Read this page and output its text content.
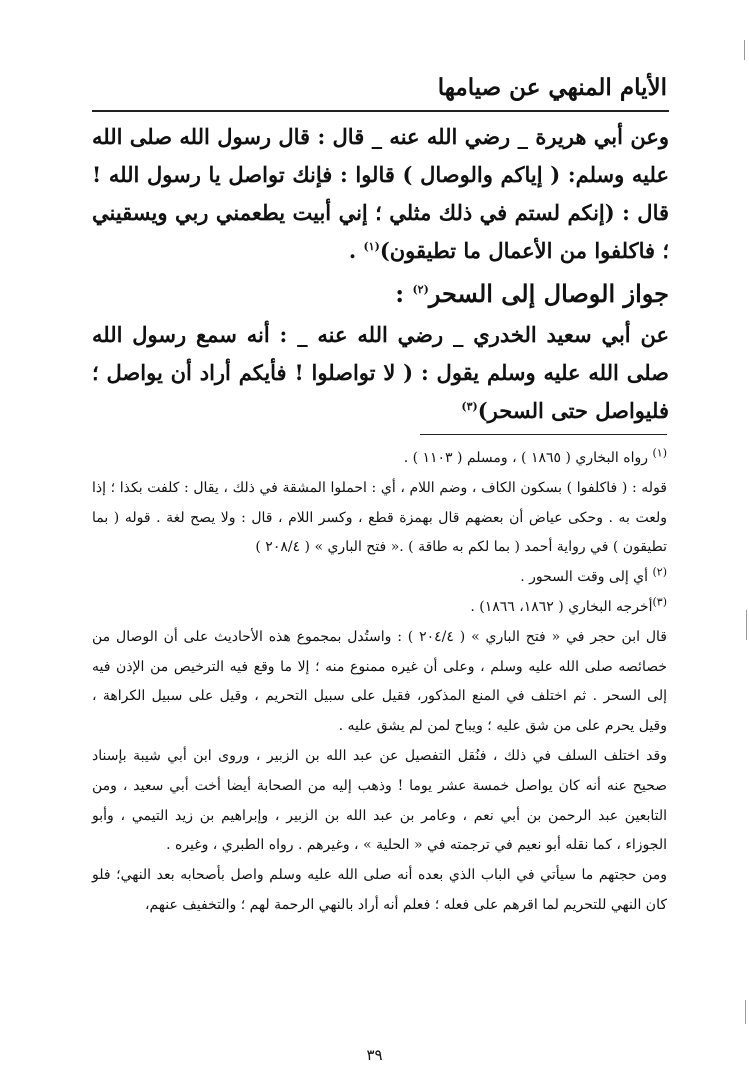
الأيام المنهي عن صيامها

وعن أبي هريرة _ رضي الله عنه _ قال : قال رسول الله صلى الله عليه وسلم: ( إياكم والوصال ) قالوا : فإنك تواصل يا رسول الله ! قال : (إنكم لستم في ذلك مثلي ؛ إني أبيت يطعمني ربي ويسقيني ؛ فاكلفوا من الأعمال ما تطيقون)$^{(١)}$ .

جواز الوصال إلى السحر$^{(٢)}$ :

عن أبي سعيد الخدري _ رضي الله عنه _ : أنه سمع رسول الله صلى الله عليه وسلم يقول : ( لا تواصلوا ! فأيكم أراد أن يواصل ؛ فليواصل حتى السحر)$^{(٣)}$

$^{(١)}$ رواه البخاري ( ١٨٦٥ ) ، ومسلم ( ١١٠٣ ) .

قوله : ( فاكلفوا ) بسكون الكاف ، وضم اللام ، أي : احملوا المشقة في ذلك ، يقال : كلفت بكذا ؛ إذا ولعت به . وحكى عياض أن بعضهم قال بهمزة قطع ، وكسر اللام ، قال : ولا يصح لغة . قوله ( بما تطيقون ) في رواية أحمد ( بما لكم به طاقة ) .« فتح الباري » ( ٢٠٨/٤ )

$^{(٢)}$ أي إلى وقت السحور .

$^{(٣)}$أخرجه البخاري ( ١٨٦٢، ١٨٦٦) .

قال ابن حجر في « فتح الباري » ( ٢٠٤/٤ ) : واستُدل بمجموع هذه الأحاديث على أن الوصال من خصائصه صلى الله عليه وسلم ، وعلى أن غيره ممنوع منه ؛ إلا ما وقع فيه الترخيص من الإذن فيه إلى السحر . ثم اختلف في المنع المذكور، فقيل على سبيل التحريم ، وقيل على سبيل الكراهة ، وقيل يحرم على من شق عليه ؛ ويباح لمن لم يشق عليه .

وقد اختلف السلف في ذلك ، فنُقل التفصيل عن عبد الله بن الزبير ، وروى ابن أبي شيبة بإسناد صحيح عنه أنه كان يواصل خمسة عشر يوما ! وذهب إليه من الصحابة أيضا أخت أبي سعيد ، ومن التابعين عبد الرحمن بن أبي نعم ، وعامر بن عبد الله بن الزبير ، وإبراهيم بن زيد التيمي ، وأبو الجوزاء ، كما نقله أبو نعيم في ترجمته في « الحلية » ، وغيرهم . رواه الطبري ، وغيره .

ومن حجتهم ما سيأتي في الباب الذي بعده أنه صلى الله عليه وسلم واصل بأصحابه بعد النهي؛ فلو كان النهي للتحريم لما اقرهم على فعله ؛ فعلم أنه أراد بالنهي الرحمة لهم ؛ والتخفيف عنهم،

٣٩
